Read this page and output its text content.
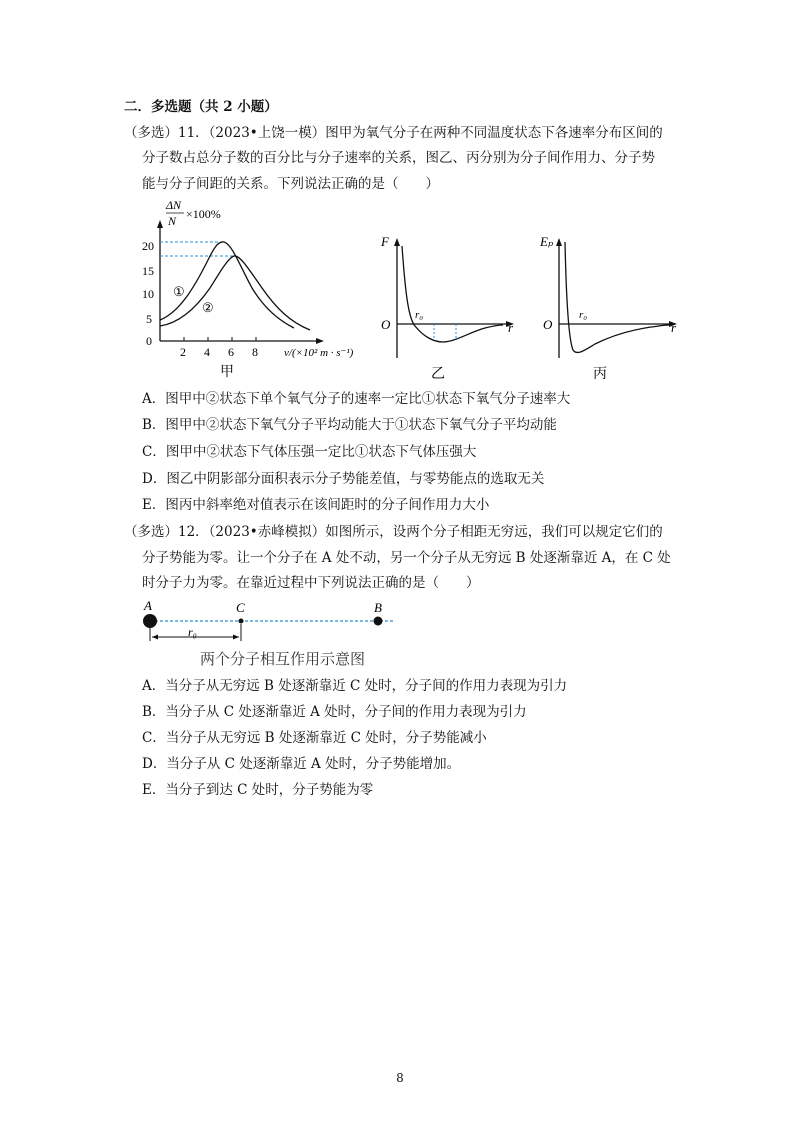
二．多选题（共 2 小题）
（多选）11．（2023•上饶一模）图甲为氧气分子在两种不同温度状态下各速率分布区间的
分子数占总分子数的百分比与分子速率的关系，图乙、丙分别为分子间作用力、分子势
能与分子间距的关系。下列说法正确的是（　　）
ΔN
N ×100%
20
15
10
5
0
2 4 6 8 v/(×10² m · s⁻¹)
①
②
甲
F
O
r₀
r
乙
Eₚ
O
r₀
r
丙
A．图甲中②状态下单个氧气分子的速率一定比①状态下氧气分子速率大
B．图甲中②状态下氧气分子平均动能大于①状态下氧气分子平均动能
C．图甲中②状态下气体压强一定比①状态下气体压强大
D．图乙中阴影部分面积表示分子势能差值，与零势能点的选取无关
E．图丙中斜率绝对值表示在该间距时的分子间作用力大小
（多选）12．（2023•赤峰模拟）如图所示，设两个分子相距无穷远，我们可以规定它们的
分子势能为零。让一个分子在 A 处不动，另一个分子从无穷远 B 处逐渐靠近 A，在 C 处
时分子力为零。在靠近过程中下列说法正确的是（　　）
A	C	B
r₀
两个分子相互作用示意图
A．当分子从无穷远 B 处逐渐靠近 C 处时，分子间的作用力表现为引力
B．当分子从 C 处逐渐靠近 A 处时，分子间的作用力表现为引力
C．当分子从无穷远 B 处逐渐靠近 C 处时，分子势能减小
D．当分子从 C 处逐渐靠近 A 处时，分子势能增加。
E．当分子到达 C 处时，分子势能为零
8
